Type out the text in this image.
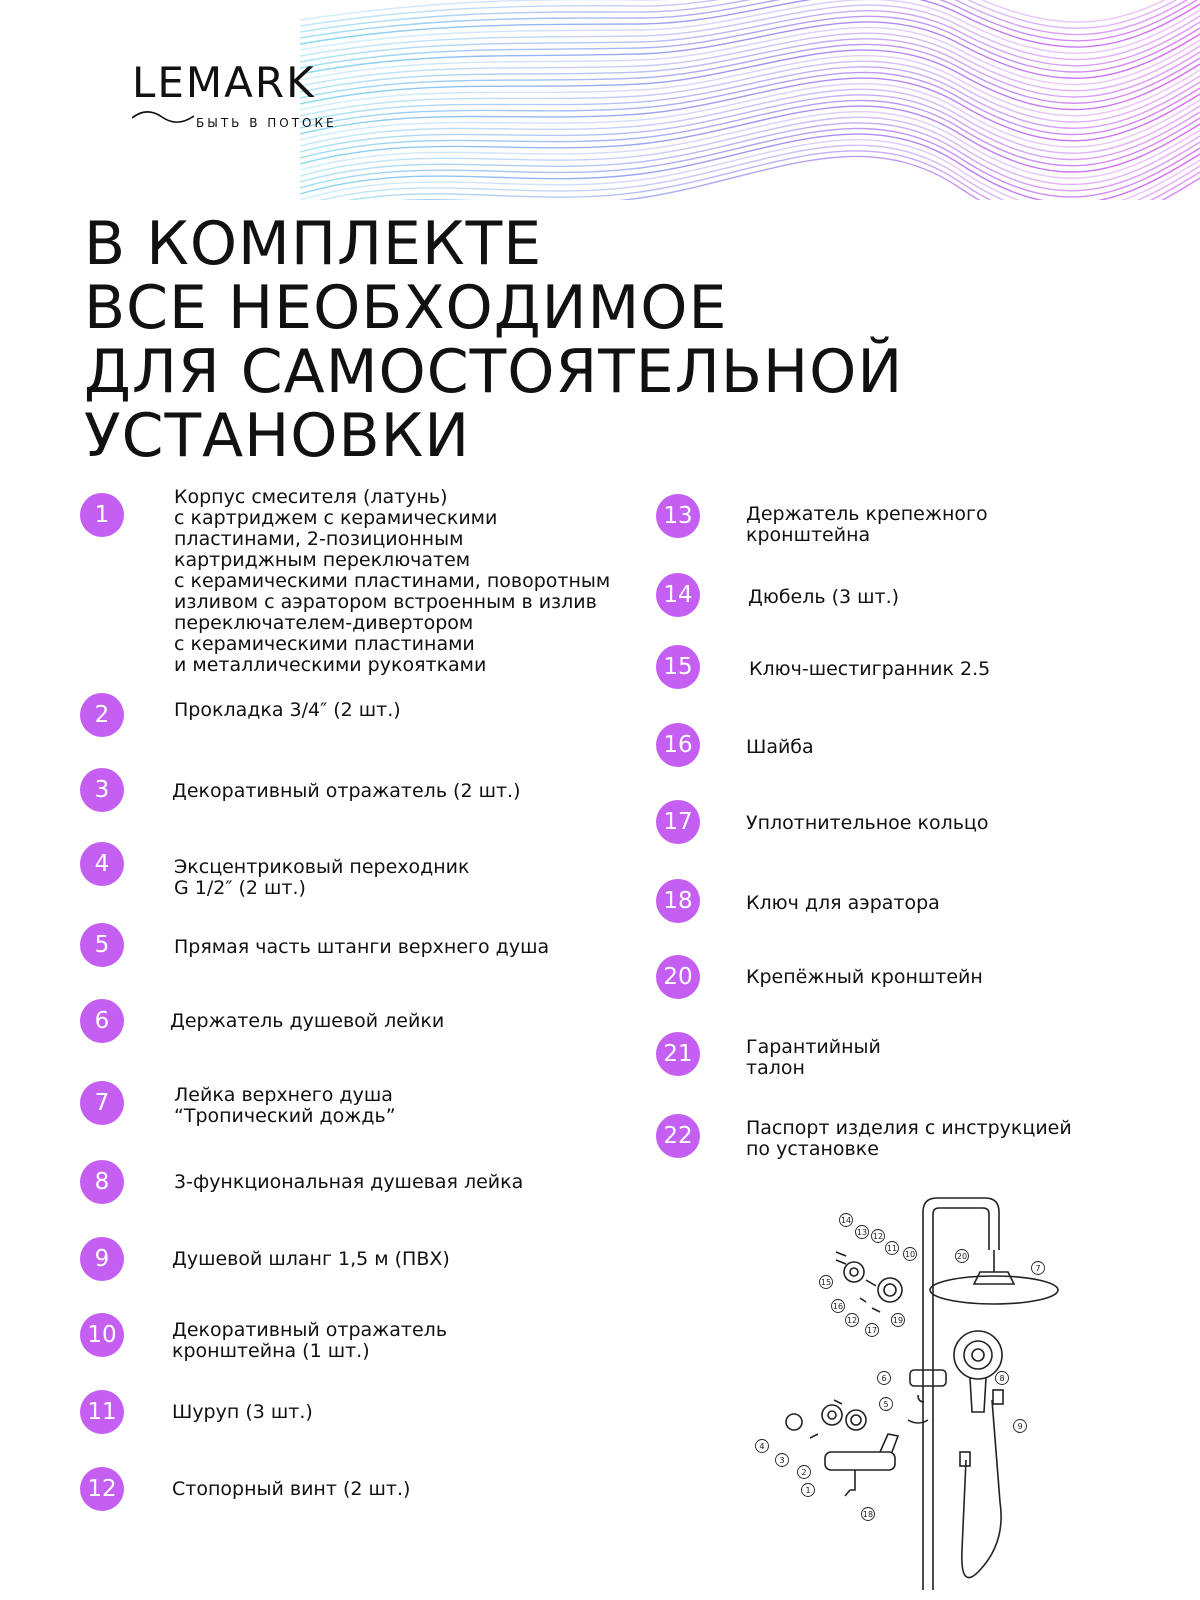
LEMARK
БЫТЬ В ПОТОКЕ
В КОМПЛЕКТЕ
ВСЕ НЕОБХОДИМОЕ
ДЛЯ САМОСТОЯТЕЛЬНОЙ
УСТАНОВКИ
1
Корпус смесителя (латунь)
с картриджем с керамическими
пластинами, 2-позиционным
картриджным переключатем
с керамическими пластинами, поворотным
изливом с аэратором встроенным в излив
переключателем-дивертором
с керамическими пластинами
и металлическими рукоятками
2	Прокладка 3/4″ (2 шт.)
3	Декоративный отражатель (2 шт.)
4	Эксцентриковый переходник
G 1/2″ (2 шт.)
5	Прямая часть штанги верхнего душа
6	Держатель душевой лейки
7	Лейка верхнего душа
“Тропический дождь”
8	3-функциональная душевая лейка
9	Душевой шланг 1,5 м (ПВХ)
10	Декоративный отражатель
кронштейна (1 шт.)
11	Шуруп (3 шт.)
12	Стопорный винт (2 шт.)
13	Держатель крепежного
кронштейна
14	Дюбель (3 шт.)
15	Ключ-шестигранник 2.5
16	Шайба
17	Уплотнительное кольцо
18	Ключ для аэратора
20	Крепёжный кронштейн
21	Гарантийный
талон
22	Паспорт изделия с инструкцией
по установке
14
13 12
11
10
15
16
12
17
20
19
7
6	8
5
4
3
2
1
18
9
